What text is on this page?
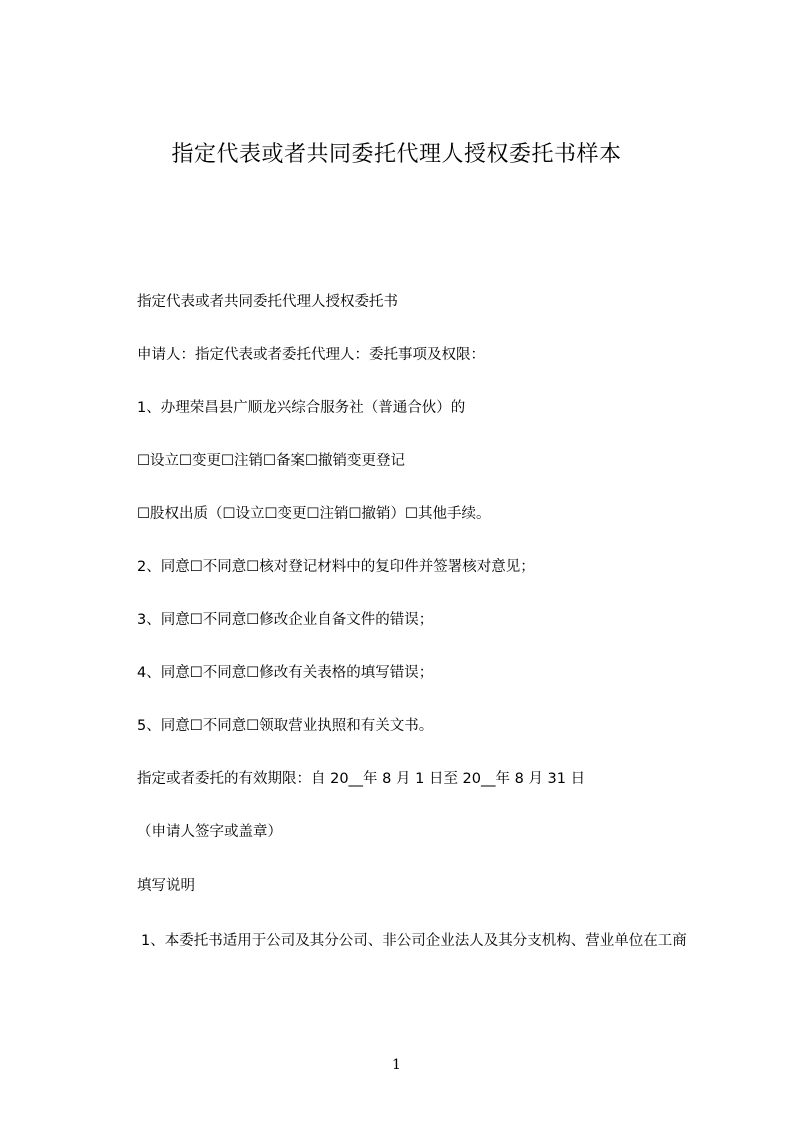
指定代表或者共同委托代理人授权委托书样本
指定代表或者共同委托代理人授权委托书
申请人：指定代表或者委托代理人：委托事项及权限：
1、办理荣昌县广顺龙兴综合服务社（普通合伙）的
☐设立☐变更☐注销☐备案☐撤销变更登记
☐股权出质（☐设立☐变更☐注销☐撤销）☐其他手续。
2、同意☐不同意☐核对登记材料中的复印件并签署核对意见；
3、同意☐不同意☐修改企业自备文件的错误；
4、同意☐不同意☐修改有关表格的填写错误；
5、同意☐不同意☐领取营业执照和有关文书。
指定或者委托的有效期限：自 20__年 8 月 1 日至 20__年 8 月 31 日
（申请人签字或盖章）
填写说明
1、本委托书适用于公司及其分公司、非公司企业法人及其分支机构、营业单位在工商
1
